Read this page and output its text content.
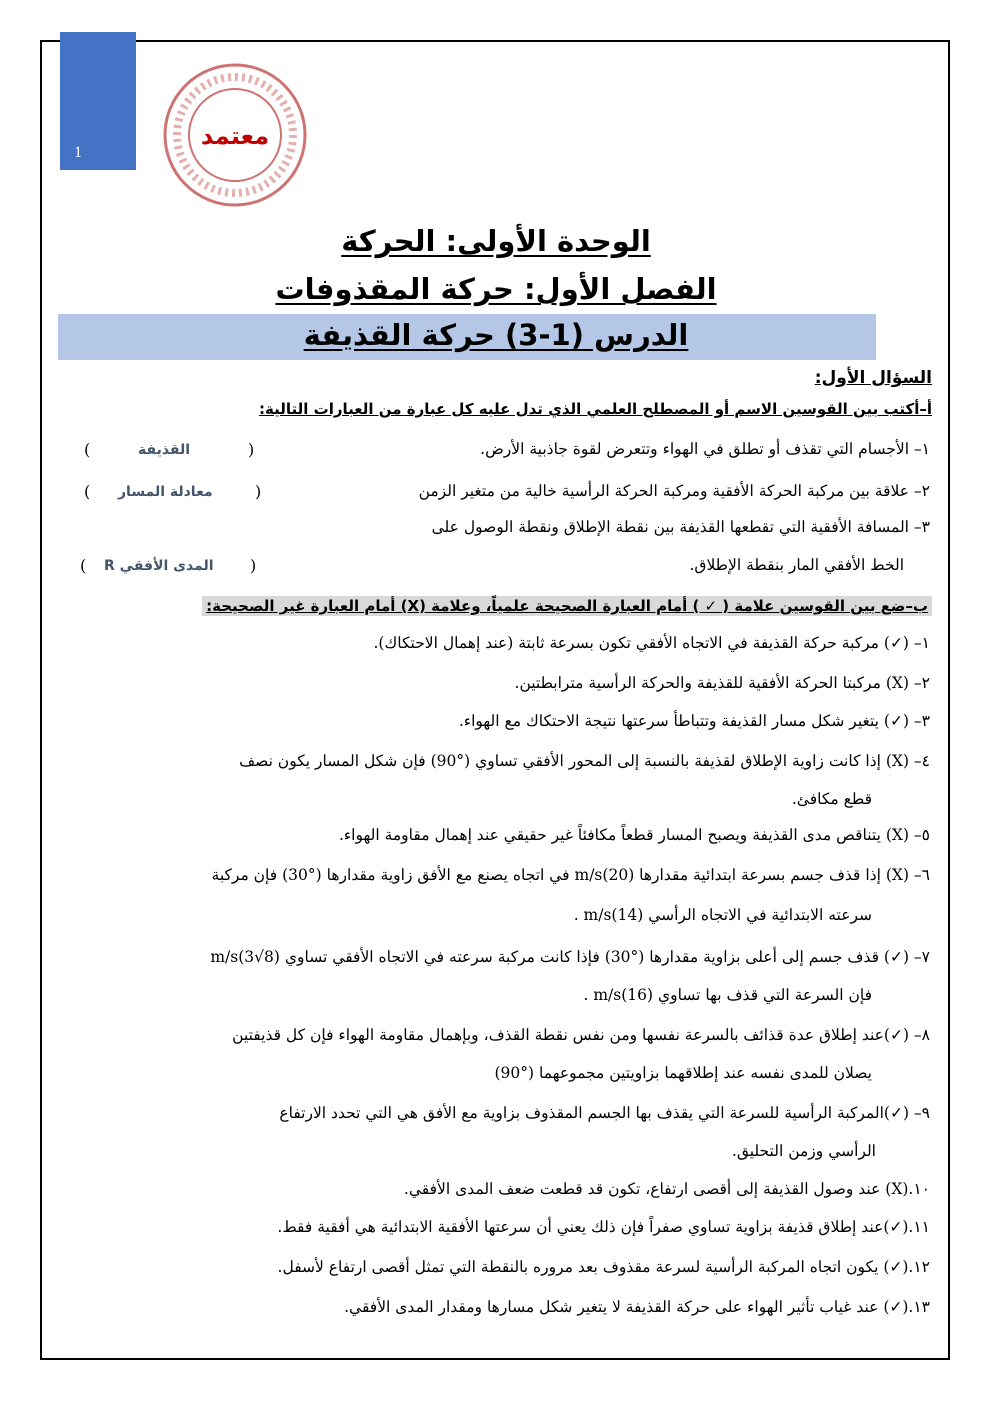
1
معتمد
الوحدة الأولى: الحركة
الفصل الأول: حركة المقذوفات
الدرس (1-3) حركة القذيفة
السؤال الأول:
أ–أكتب بين القوسين الاسم أو المصطلح العلمي الذي تدل عليه كل عبارة من العبارات التالية:
١– الأجسام التي تقذف أو تطلق في الهواء وتتعرض لقوة جاذبية الأرض.
(
القذيفة
)
٢– علاقة بين مركبة الحركة الأفقية ومركبة الحركة الرأسية خالية من متغير الزمن
(
معادلة المسار
)
٣– المسافة الأفقية التي تقطعها القذيفة بين نقطة الإطلاق ونقطة الوصول على
الخط الأفقي المار بنقطة الإطلاق.
(
المدى الأفقي R
)
ب–ضع بين القوسين علامة ( ✓ ) أمام العبارة الصحيحة علمياً، وعلامة (X) أمام العبارة غير الصحيحة:
١– (✓) مركبة حركة القذيفة في الاتجاه الأفقي تكون بسرعة ثابتة (عند إهمال الاحتكاك).
٢– (X) مركبتا الحركة الأفقية للقذيفة والحركة الرأسية مترابطتين.
٣– (✓) يتغير شكل مسار القذيفة وتتباطأ سرعتها نتيجة الاحتكاك مع الهواء.
٤– (X) إذا كانت زاوية الإطلاق لقذيفة بالنسبة إلى المحور الأفقي تساوي (°90) فإن شكل المسار يكون نصف
قطع مكافئ.
٥– (X) يتناقص مدى القذيفة ويصبح المسار قطعاً مكافئاً غير حقيقي عند إهمال مقاومة الهواء.
٦– (X) إذا قذف جسم بسرعة ابتدائية مقدارها (20)m/s في اتجاه يصنع مع الأفق زاوية مقدارها (°30) فإن مركبة
سرعته الابتدائية في الاتجاه الرأسي (14)m/s .
٧– (✓) قذف جسم إلى أعلى بزاوية مقدارها (°30) فإذا كانت مركبة سرعته في الاتجاه الأفقي تساوي (8√3)m/s
فإن السرعة التي قذف بها تساوي (16)m/s .
٨– (✓)عند إطلاق عدة قذائف بالسرعة نفسها ومن نفس نقطة القذف، وبإهمال مقاومة الهواء فإن كل قذيفتين
يصلان للمدى نفسه عند إطلاقهما بزاويتين مجموعهما (°90)
٩– (✓)المركبة الرأسية للسرعة التي يقذف بها الجسم المقذوف بزاوية مع الأفق هي التي تحدد الارتفاع
الرأسي وزمن التحليق.
١٠.(X) عند وصول القذيفة إلى أقصى ارتفاع، تكون قد قطعت ضعف المدى الأفقي.
١١.(✓)عند إطلاق قذيفة بزاوية تساوي صفراً فإن ذلك يعني أن سرعتها الأفقية الابتدائية هي أفقية فقط.
١٢.(✓) يكون اتجاه المركبة الرأسية لسرعة مقذوف بعد مروره بالنقطة التي تمثل أقصى ارتفاع لأسفل.
١٣.(✓) عند غياب تأثير الهواء على حركة القذيفة لا يتغير شكل مسارها ومقدار المدى الأفقي.
